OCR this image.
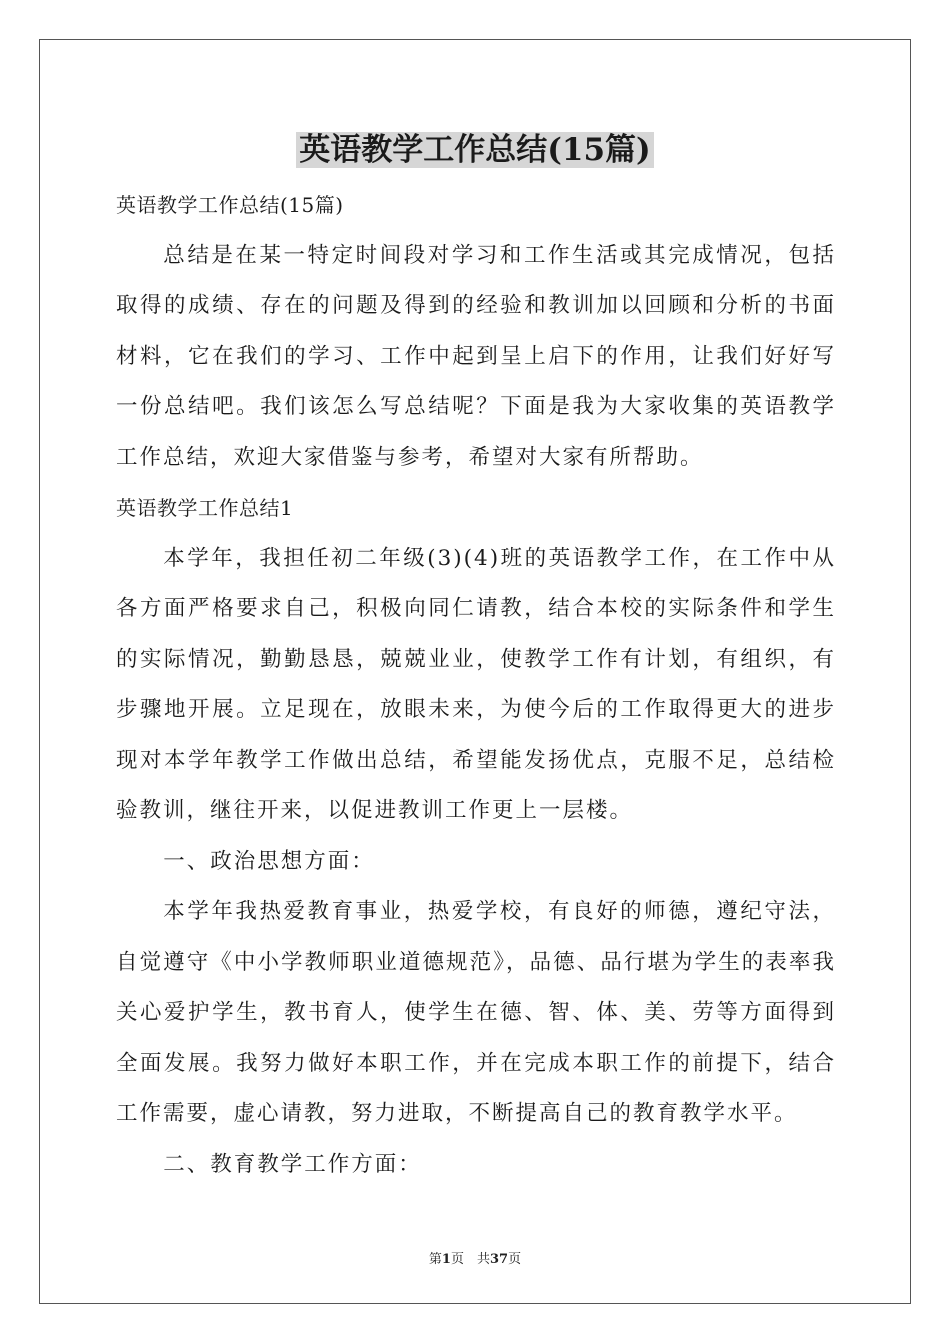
英语教学工作总结(15篇)

英语教学工作总结(15篇)

总结是在某一特定时间段对学习和工作生活或其完成情况，包括取得的成绩、存在的问题及得到的经验和教训加以回顾和分析的书面材料，它在我们的学习、工作中起到呈上启下的作用，让我们好好写一份总结吧。我们该怎么写总结呢？下面是我为大家收集的英语教学工作总结，欢迎大家借鉴与参考，希望对大家有所帮助。

英语教学工作总结1

本学年，我担任初二年级(3)(4)班的英语教学工作，在工作中从各方面严格要求自己，积极向同仁请教，结合本校的实际条件和学生的实际情况，勤勤恳恳，兢兢业业，使教学工作有计划，有组织，有步骤地开展。立足现在，放眼未来，为使今后的工作取得更大的进步现对本学年教学工作做出总结，希望能发扬优点，克服不足，总结检验教训，继往开来，以促进教训工作更上一层楼。

一、政治思想方面：

本学年我热爱教育事业，热爱学校，有良好的师德，遵纪守法，自觉遵守《中小学教师职业道德规范》，品德、品行堪为学生的表率我关心爱护学生，教书育人，使学生在德、智、体、美、劳等方面得到全面发展。我努力做好本职工作，并在完成本职工作的前提下，结合工作需要，虚心请教，努力进取，不断提高自己的教育教学水平。

二、教育教学工作方面：

第1页　共37页
